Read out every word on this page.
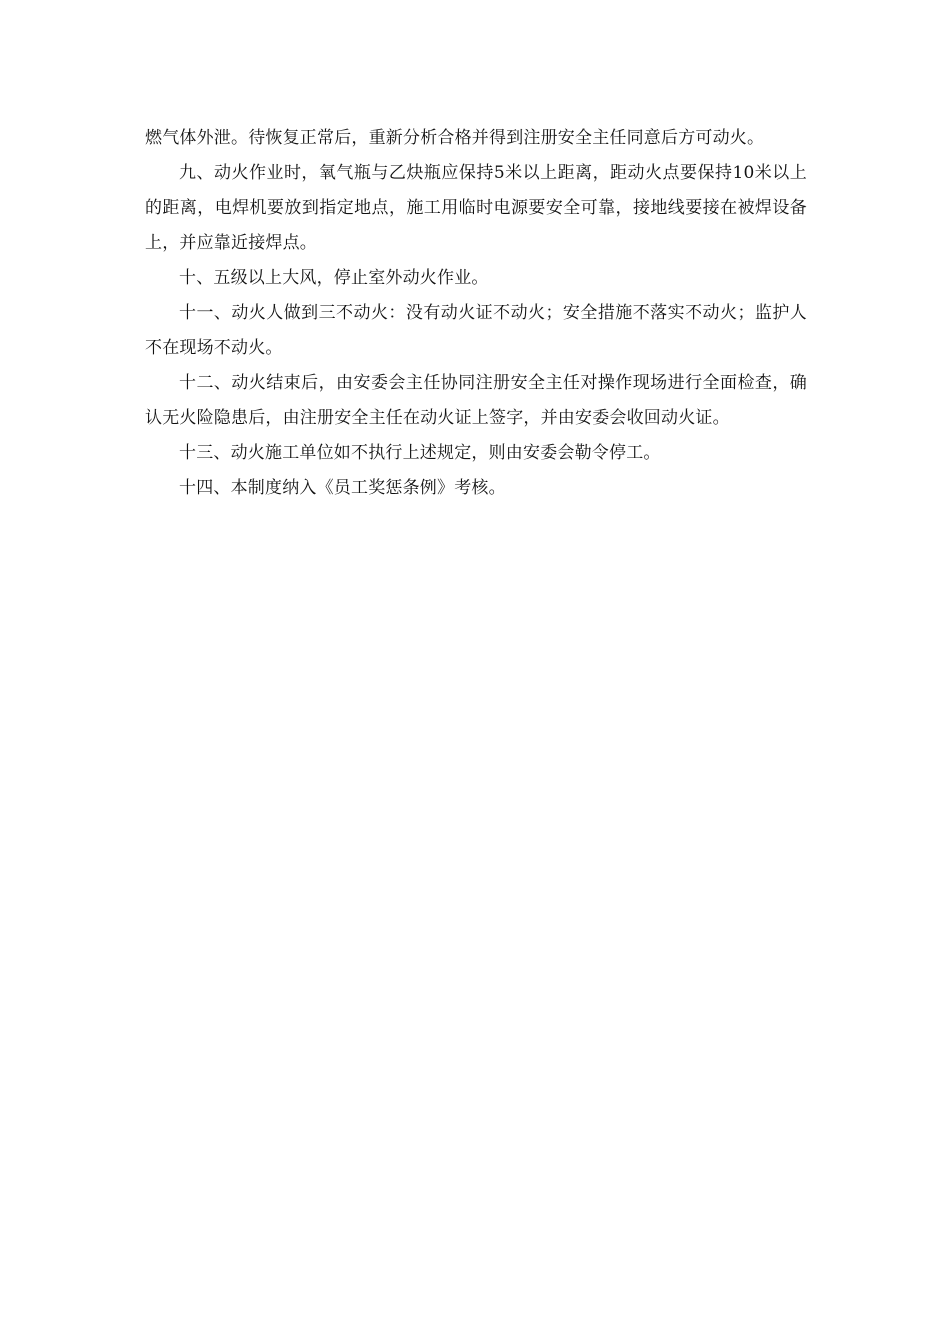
燃气体外泄。待恢复正常后，重新分析合格并得到注册安全主任同意后方可动火。

九、动火作业时，氧气瓶与乙炔瓶应保持5米以上距离，距动火点要保持10米以上的距离，电焊机要放到指定地点，施工用临时电源要安全可靠，接地线要接在被焊设备上，并应靠近接焊点。

十、五级以上大风，停止室外动火作业。

十一、动火人做到三不动火：没有动火证不动火；安全措施不落实不动火；监护人不在现场不动火。

十二、动火结束后，由安委会主任协同注册安全主任对操作现场进行全面检查，确认无火险隐患后，由注册安全主任在动火证上签字，并由安委会收回动火证。

十三、动火施工单位如不执行上述规定，则由安委会勒令停工。

十四、本制度纳入《员工奖惩条例》考核。
